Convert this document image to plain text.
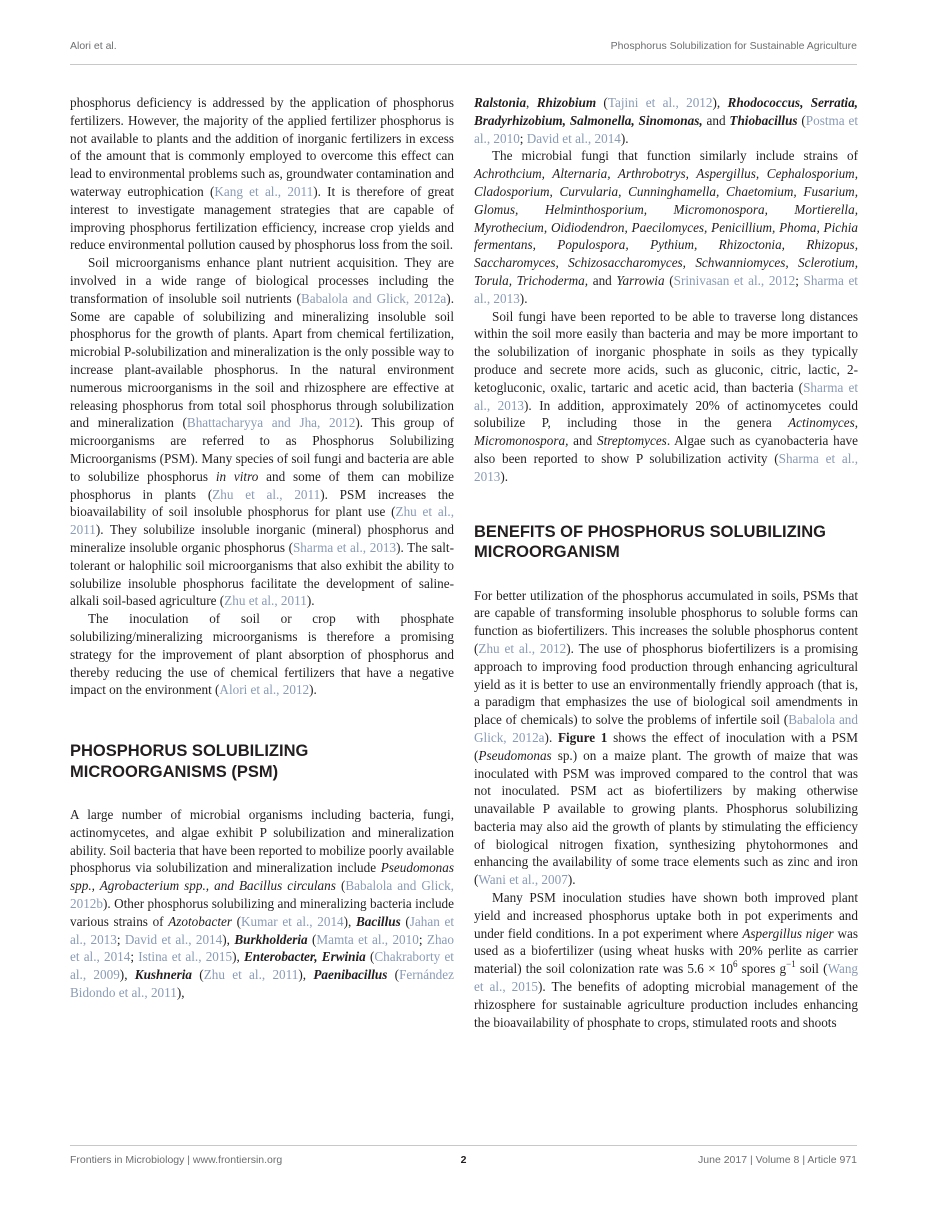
Alori et al.	Phosphorus Solubilization for Sustainable Agriculture

phosphorus deficiency is addressed by the application of phosphorus fertilizers. However, the majority of the applied fertilizer phosphorus is not available to plants and the addition of inorganic fertilizers in excess of the amount that is commonly employed to overcome this effect can lead to environmental problems such as, groundwater contamination and waterway eutrophication (Kang et al., 2011). It is therefore of great interest to investigate management strategies that are capable of improving phosphorus fertilization efficiency, increase crop yields and reduce environmental pollution caused by phosphorus loss from the soil.

Soil microorganisms enhance plant nutrient acquisition. They are involved in a wide range of biological processes including the transformation of insoluble soil nutrients (Babalola and Glick, 2012a). Some are capable of solubilizing and mineralizing insoluble soil phosphorus for the growth of plants. Apart from chemical fertilization, microbial P-solubilization and mineralization is the only possible way to increase plant-available phosphorus. In the natural environment numerous microorganisms in the soil and rhizosphere are effective at releasing phosphorus from total soil phosphorus through solubilization and mineralization (Bhattacharyya and Jha, 2012). This group of microorganisms are referred to as Phosphorus Solubilizing Microorganisms (PSM). Many species of soil fungi and bacteria are able to solubilize phosphorus in vitro and some of them can mobilize phosphorus in plants (Zhu et al., 2011). PSM increases the bioavailability of soil insoluble phosphorus for plant use (Zhu et al., 2011). They solubilize insoluble inorganic (mineral) phosphorus and mineralize insoluble organic phosphorus (Sharma et al., 2013). The salt-tolerant or halophilic soil microorganisms that also exhibit the ability to solubilize insoluble phosphorus facilitate the development of saline-alkali soil-based agriculture (Zhu et al., 2011).

The inoculation of soil or crop with phosphate solubilizing/mineralizing microorganisms is therefore a promising strategy for the improvement of plant absorption of phosphorus and thereby reducing the use of chemical fertilizers that have a negative impact on the environment (Alori et al., 2012).

PHOSPHORUS SOLUBILIZING MICROORGANISMS (PSM)

A large number of microbial organisms including bacteria, fungi, actinomycetes, and algae exhibit P solubilization and mineralization ability. Soil bacteria that have been reported to mobilize poorly available phosphorus via solubilization and mineralization include Pseudomonas spp., Agrobacterium spp., and Bacillus circulans (Babalola and Glick, 2012b). Other phosphorus solubilizing and mineralizing bacteria include various strains of Azotobacter (Kumar et al., 2014), Bacillus (Jahan et al., 2013; David et al., 2014), Burkholderia (Mamta et al., 2010; Zhao et al., 2014; Istina et al., 2015), Enterobacter, Erwinia (Chakraborty et al., 2009), Kushneria (Zhu et al., 2011), Paenibacillus (Fernández Bidondo et al., 2011),

Ralstonia, Rhizobium (Tajini et al., 2012), Rhodococcus, Serratia, Bradyrhizobium, Salmonella, Sinomonas, and Thiobacillus (Postma et al., 2010; David et al., 2014).

The microbial fungi that function similarly include strains of Achrothcium, Alternaria, Arthrobotrys, Aspergillus, Cephalosporium, Cladosporium, Curvularia, Cunninghamella, Chaetomium, Fusarium, Glomus, Helminthosporium, Micromonospora, Mortierella, Myrothecium, Oidiodendron, Paecilomyces, Penicillium, Phoma, Pichia fermentans, Populospora, Pythium, Rhizoctonia, Rhizopus, Saccharomyces, Schizosaccharomyces, Schwanniomyces, Sclerotium, Torula, Trichoderma, and Yarrowia (Srinivasan et al., 2012; Sharma et al., 2013).

Soil fungi have been reported to be able to traverse long distances within the soil more easily than bacteria and may be more important to the solubilization of inorganic phosphate in soils as they typically produce and secrete more acids, such as gluconic, citric, lactic, 2-ketogluconic, oxalic, tartaric and acetic acid, than bacteria (Sharma et al., 2013). In addition, approximately 20% of actinomycetes could solubilize P, including those in the genera Actinomyces, Micromonospora, and Streptomyces. Algae such as cyanobacteria have also been reported to show P solubilization activity (Sharma et al., 2013).

BENEFITS OF PHOSPHORUS SOLUBILIZING MICROORGANISM

For better utilization of the phosphorus accumulated in soils, PSMs that are capable of transforming insoluble phosphorus to soluble forms can function as biofertilizers. This increases the soluble phosphorus content (Zhu et al., 2012). The use of phosphorus biofertilizers is a promising approach to improving food production through enhancing agricultural yield as it is better to use an environmentally friendly approach (that is, a paradigm that emphasizes the use of biological soil amendments in place of chemicals) to solve the problems of infertile soil (Babalola and Glick, 2012a). Figure 1 shows the effect of inoculation with a PSM (Pseudomonas sp.) on a maize plant. The growth of maize that was inoculated with PSM was improved compared to the control that was not inoculated. PSM act as biofertilizers by making otherwise unavailable P available to growing plants. Phosphorus solubilizing bacteria may also aid the growth of plants by stimulating the efficiency of biological nitrogen fixation, synthesizing phytohormones and enhancing the availability of some trace elements such as zinc and iron (Wani et al., 2007).

Many PSM inoculation studies have shown both improved plant yield and increased phosphorus uptake both in pot experiments and under field conditions. In a pot experiment where Aspergillus niger was used as a biofertilizer (using wheat husks with 20% perlite as carrier material) the soil colonization rate was $5.6 \times 10^6$ spores $g^{-1}$ soil (Wang et al., 2015). The benefits of adopting microbial management of the rhizosphere for sustainable agriculture production includes enhancing the bioavailability of phosphate to crops, stimulated roots and shoots

Frontiers in Microbiology | www.frontiersin.org	2	June 2017 | Volume 8 | Article 971
